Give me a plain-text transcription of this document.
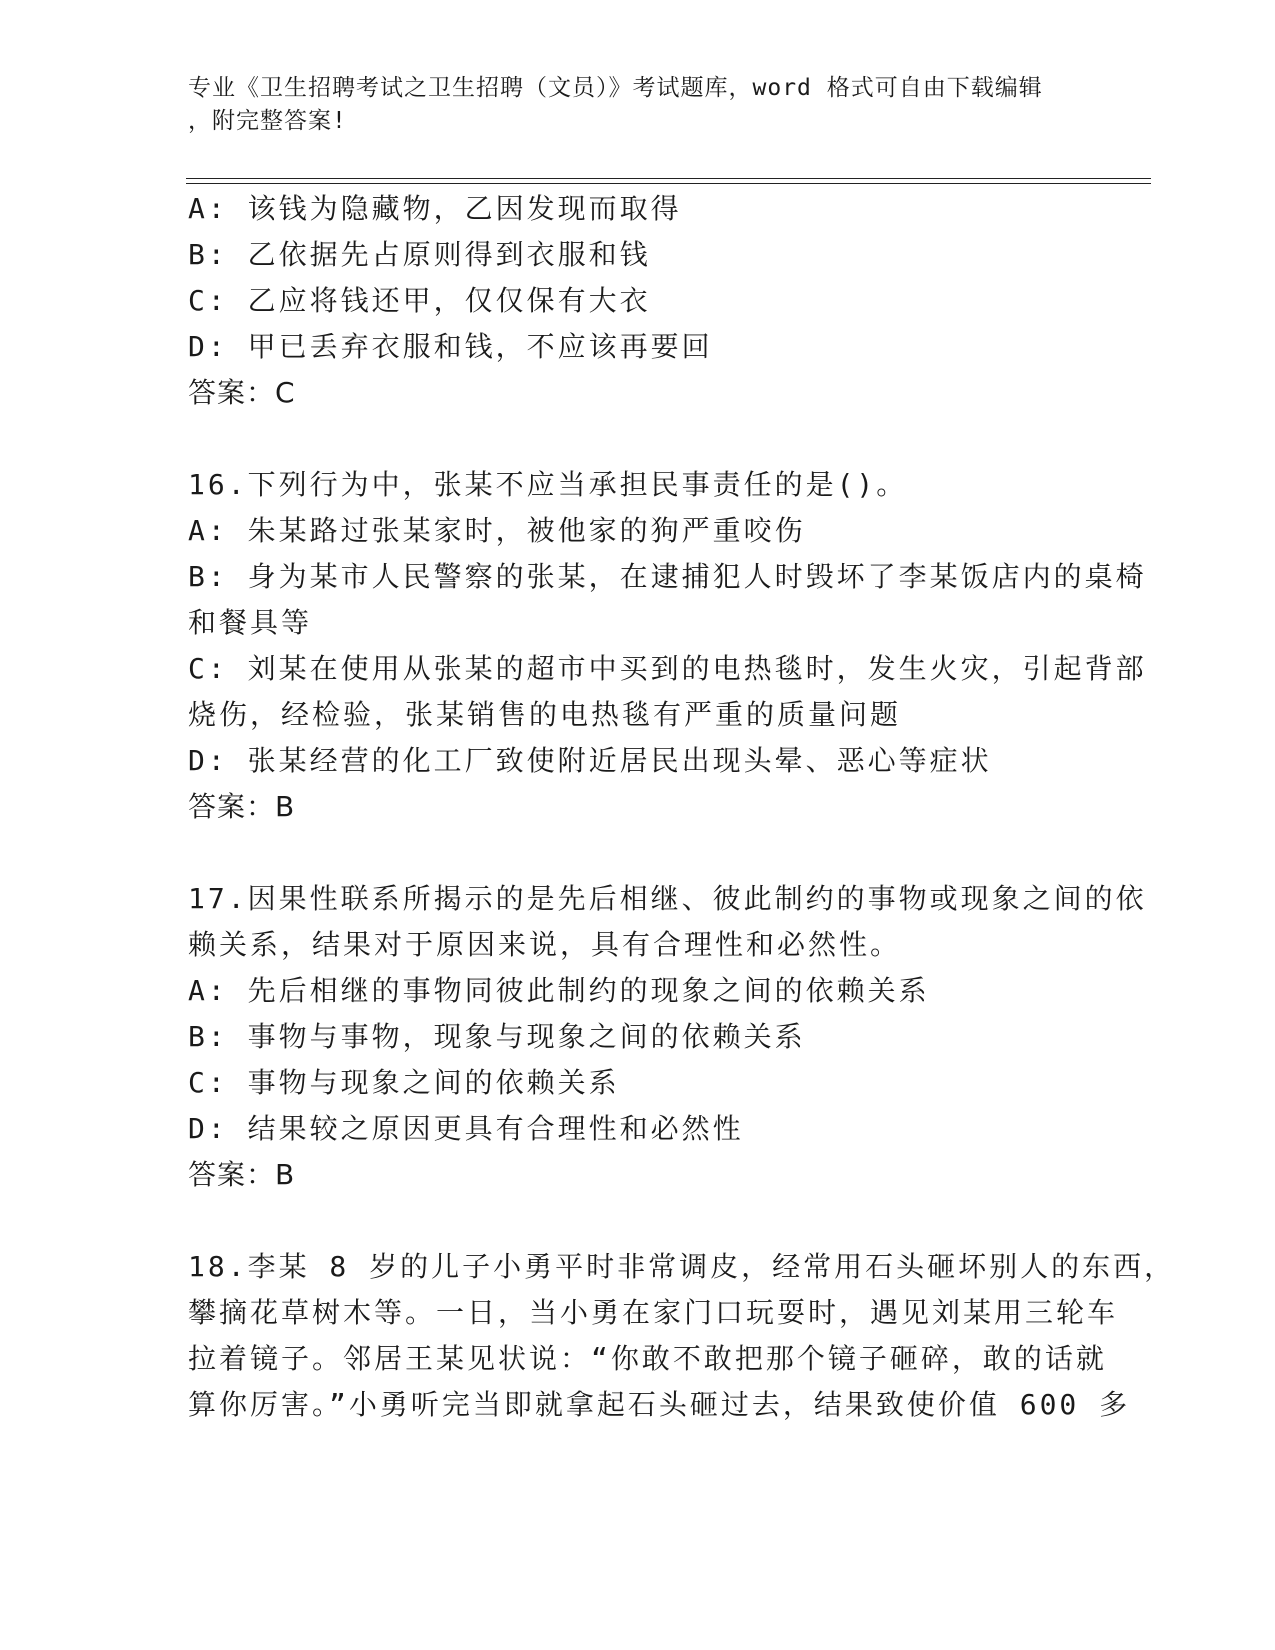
专业《卫生招聘考试之卫生招聘（文员）》考试题库，word 格式可自由下载编辑

，附完整答案!

A: 该钱为隐藏物，乙因发现而取得

B: 乙依据先占原则得到衣服和钱

C: 乙应将钱还甲，仅仅保有大衣

D: 甲已丢弃衣服和钱，不应该再要回

答案：C

16.下列行为中，张某不应当承担民事责任的是()。

A: 朱某路过张某家时，被他家的狗严重咬伤

B: 身为某市人民警察的张某，在逮捕犯人时毁坏了李某饭店内的桌椅

和餐具等

C: 刘某在使用从张某的超市中买到的电热毯时，发生火灾，引起背部

烧伤，经检验，张某销售的电热毯有严重的质量问题

D: 张某经营的化工厂致使附近居民出现头晕、恶心等症状

答案：B

17.因果性联系所揭示的是先后相继、彼此制约的事物或现象之间的依

赖关系，结果对于原因来说，具有合理性和必然性。

A: 先后相继的事物同彼此制约的现象之间的依赖关系

B: 事物与事物，现象与现象之间的依赖关系

C: 事物与现象之间的依赖关系

D: 结果较之原因更具有合理性和必然性

答案：B

18.李某 8 岁的儿子小勇平时非常调皮，经常用石头砸坏别人的东西，

攀摘花草树木等。一日，当小勇在家门口玩耍时，遇见刘某用三轮车

拉着镜子。邻居王某见状说：“你敢不敢把那个镜子砸碎，敢的话就

算你厉害。”小勇听完当即就拿起石头砸过去，结果致使价值 600 多
